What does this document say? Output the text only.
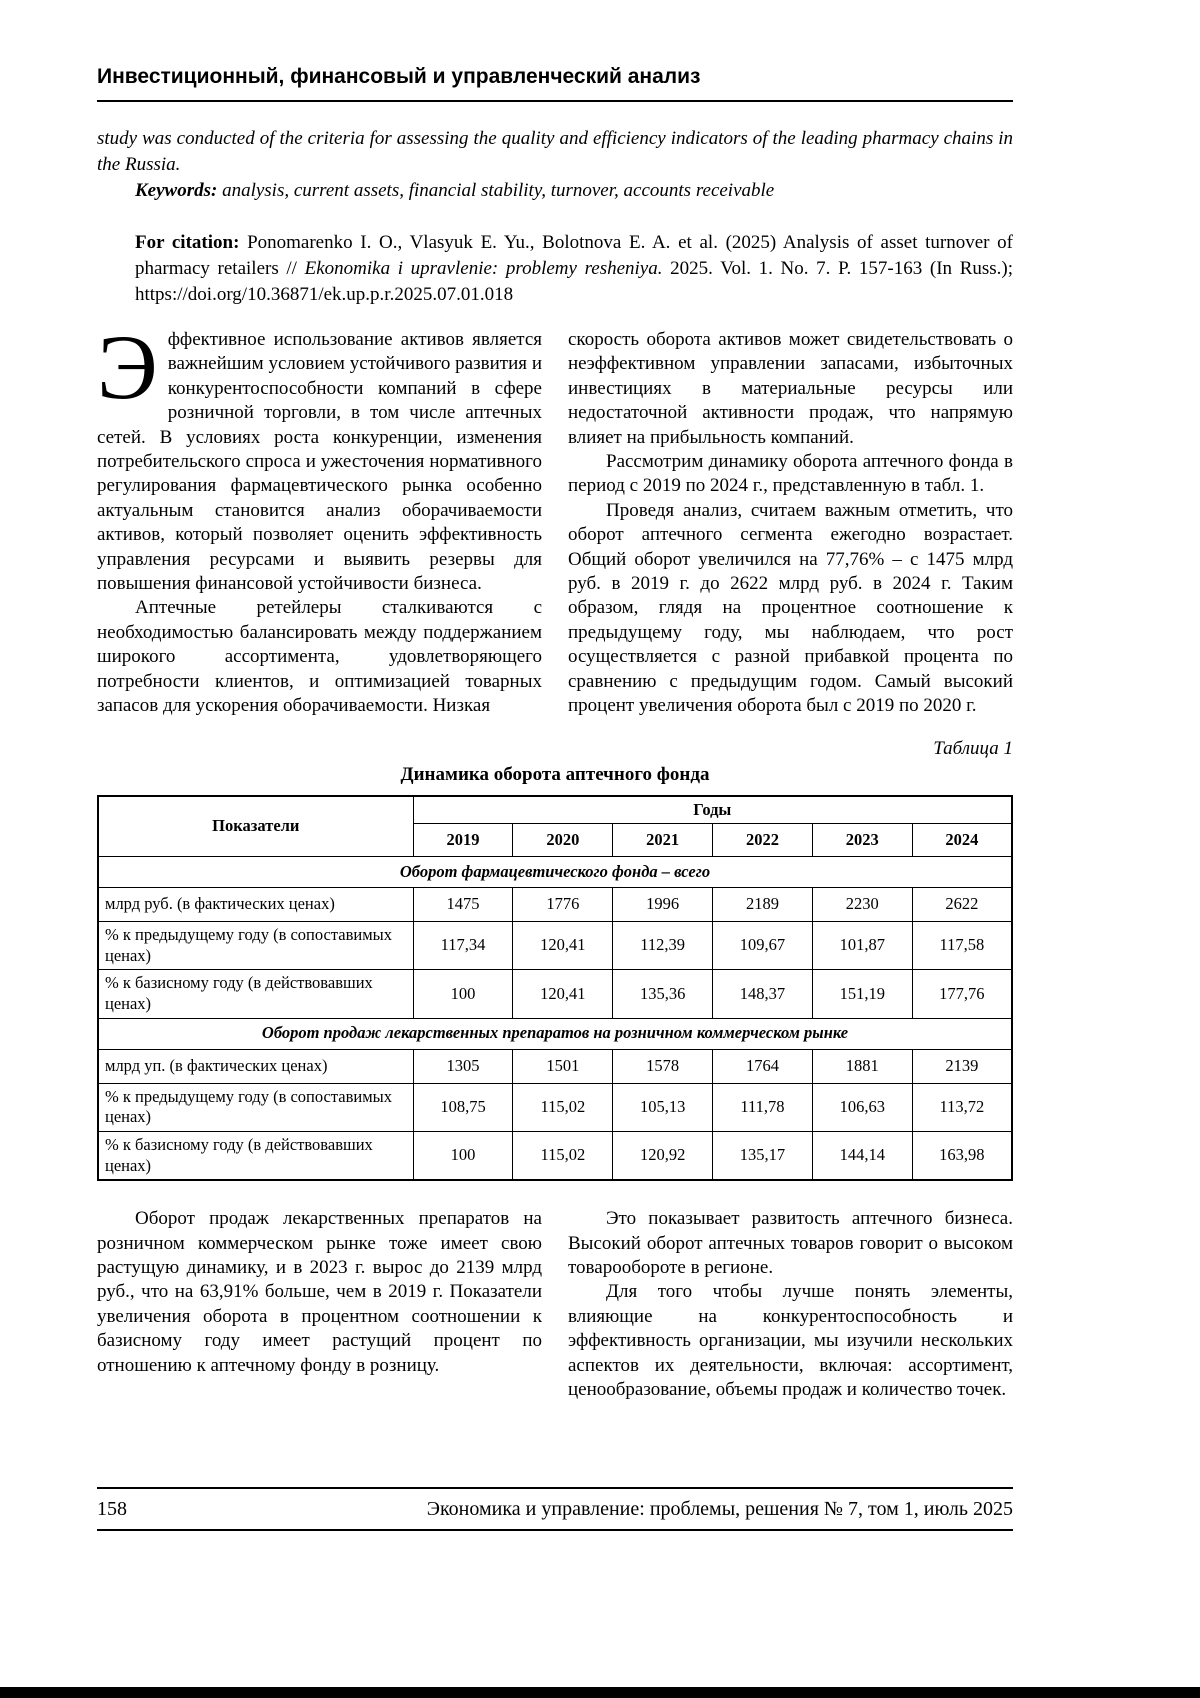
Инвестиционный, финансовый и управленческий анализ

study was conducted of the criteria for assessing the quality and efficiency indicators of the leading pharmacy chains in the Russia.

Keywords: analysis, current assets, financial stability, turnover, accounts receivable

For citation: Ponomarenko I. O., Vlasyuk E. Yu., Bolotnova E. A. et al. (2025) Analysis of asset turnover of pharmacy retailers // Ekonomika i upravlenie: problemy resheniya. 2025. Vol. 1. No. 7. P. 157-163 (In Russ.); https://doi.org/10.36871/ek.up.p.r.2025.07.01.018

Эффективное использование активов является важнейшим условием устойчивого развития и конкурентоспособности компаний в сфере розничной торговли, в том числе аптечных сетей. В условиях роста конкуренции, изменения потребительского спроса и ужесточения нормативного регулирования фармацевтического рынка особенно актуальным становится анализ оборачиваемости активов, который позволяет оценить эффективность управления ресурсами и выявить резервы для повышения финансовой устойчивости бизнеса.

Аптечные ретейлеры сталкиваются с необходимостью балансировать между поддержанием широкого ассортимента, удовлетворяющего потребности клиентов, и оптимизацией товарных запасов для ускорения оборачиваемости. Низкая

скорость оборота активов может свидетельствовать о неэффективном управлении запасами, избыточных инвестициях в материальные ресурсы или недостаточной активности продаж, что напрямую влияет на прибыльность компаний.

Рассмотрим динамику оборота аптечного фонда в период с 2019 по 2024 г., представленную в табл. 1.

Проведя анализ, считаем важным отметить, что оборот аптечного сегмента ежегодно возрастает. Общий оборот увеличился на 77,76% – с 1475 млрд руб. в 2019 г. до 2622 млрд руб. в 2024 г. Таким образом, глядя на процентное соотношение к предыдущему году, мы наблюдаем, что рост осуществляется с разной прибавкой процента по сравнению с предыдущим годом. Самый высокий процент увеличения оборота был с 2019 по 2020 г.

Таблица 1

Динамика оборота аптечного фонда

Показатели	Годы					
	2019	2020	2021	2022	2023	2024
Оборот фармацевтического фонда – всего						
млрд руб. (в фактических ценах)	1475	1776	1996	2189	2230	2622
% к предыдущему году (в сопоставимых ценах)	117,34	120,41	112,39	109,67	101,87	117,58
% к базисному году (в действовавших ценах)	100	120,41	135,36	148,37	151,19	177,76
Оборот продаж лекарственных препаратов на розничном коммерческом рынке						
млрд уп. (в фактических ценах)	1305	1501	1578	1764	1881	2139
% к предыдущему году (в сопоставимых ценах)	108,75	115,02	105,13	111,78	106,63	113,72
% к базисному году (в действовавших ценах)	100	115,02	120,92	135,17	144,14	163,98

Оборот продаж лекарственных препаратов на розничном коммерческом рынке тоже имеет свою растущую динамику, и в 2023 г. вырос до 2139 млрд руб., что на 63,91% больше, чем в 2019 г. Показатели увеличения оборота в процентном соотношении к базисному году имеет растущий процент по отношению к аптечному фонду в розницу.

Это показывает развитость аптечного бизнеса. Высокий оборот аптечных товаров говорит о высоком товарообороте в регионе.

Для того чтобы лучше понять элементы, влияющие на конкурентоспособность и эффективность организации, мы изучили нескольких аспектов их деятельности, включая: ассортимент, ценообразование, объемы продаж и количество точек.

158	Экономика и управление: проблемы, решения № 7, том 1, июль 2025
